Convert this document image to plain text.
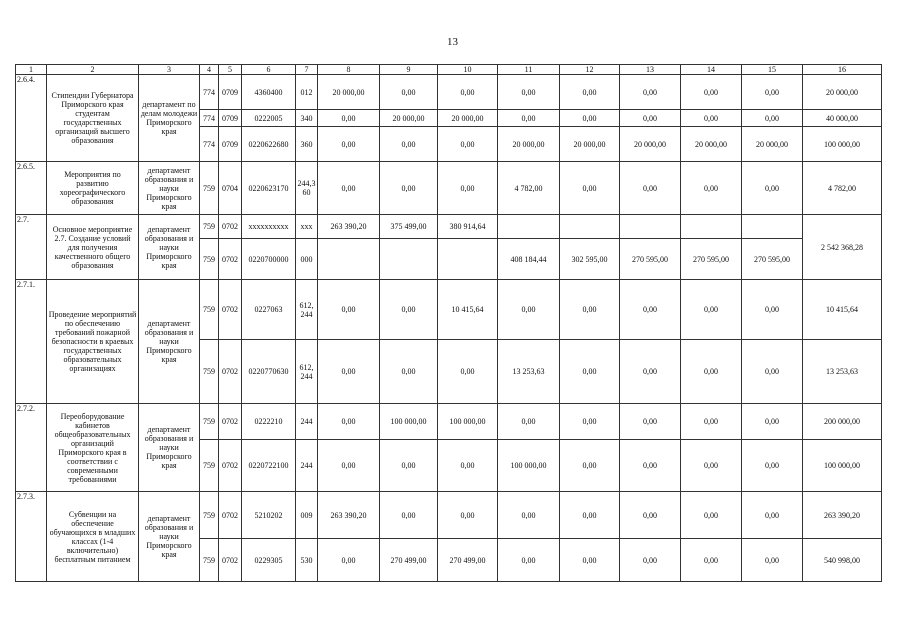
13
1	2	3	4	5	6	7	8	9	10	11	12	13	14	15	16
2.6.4.	Стипендии Губернатора Приморского края студентам государственных организаций высшего образования	департамент по делам молодежи Приморского края	774	0709	4360400	012	20 000,00	0,00	0,00	0,00	0,00	0,00	0,00	0,00	20 000,00
			774	0709	0222005	340	0,00	20 000,00	20 000,00	0,00	0,00	0,00	0,00	0,00	40 000,00
			774	0709	0220622680	360	0,00	0,00	0,00	20 000,00	20 000,00	20 000,00	20 000,00	20 000,00	100 000,00
2.6.5.	Мероприятия по развитию хореографического образования	департамент образования и науки Приморского края	759	0704	0220623170	244,3 60	0,00	0,00	0,00	4 782,00	0,00	0,00	0,00	0,00	4 782,00
2.7.	Основное мероприятие 2.7. Создание условий для получения качественного общего образования	департамент образования и науки Приморского края	759	0702	xxxxxxxxxx	xxx	263 390,20	375 499,00	380 914,64						2 542 368,28
			759	0702	0220700000	000				408 184,44	302 595,00	270 595,00	270 595,00	270 595,00	
2.7.1.	Проведение мероприятий по обеспечению требований пожарной безопасности в краевых государственных образовательных организациях	департамент образования и науки Приморского края	759	0702	0227063	612, 244	0,00	0,00	10 415,64	0,00	0,00	0,00	0,00	0,00	10 415,64
			759	0702	0220770630	612, 244	0,00	0,00	0,00	13 253,63	0,00	0,00	0,00	0,00	13 253,63
2.7.2.	Переоборудование кабинетов общеобразовательных организаций Приморского края в соответствии с современными требованиями	департамент образования и науки Приморского края	759	0702	0222210	244	0,00	100 000,00	100 000,00	0,00	0,00	0,00	0,00	0,00	200 000,00
			759	0702	0220722100	244	0,00	0,00	0,00	100 000,00	0,00	0,00	0,00	0,00	100 000,00
2.7.3.	Субвенции на обеспечение обучающихся в младших классах (1-4 включительно) бесплатным питанием	департамент образования и науки Приморского края	759	0702	5210202	009	263 390,20	0,00	0,00	0,00	0,00	0,00	0,00	0,00	263 390,20
			759	0702	0229305	530	0,00	270 499,00	270 499,00	0,00	0,00	0,00	0,00	0,00	540 998,00
